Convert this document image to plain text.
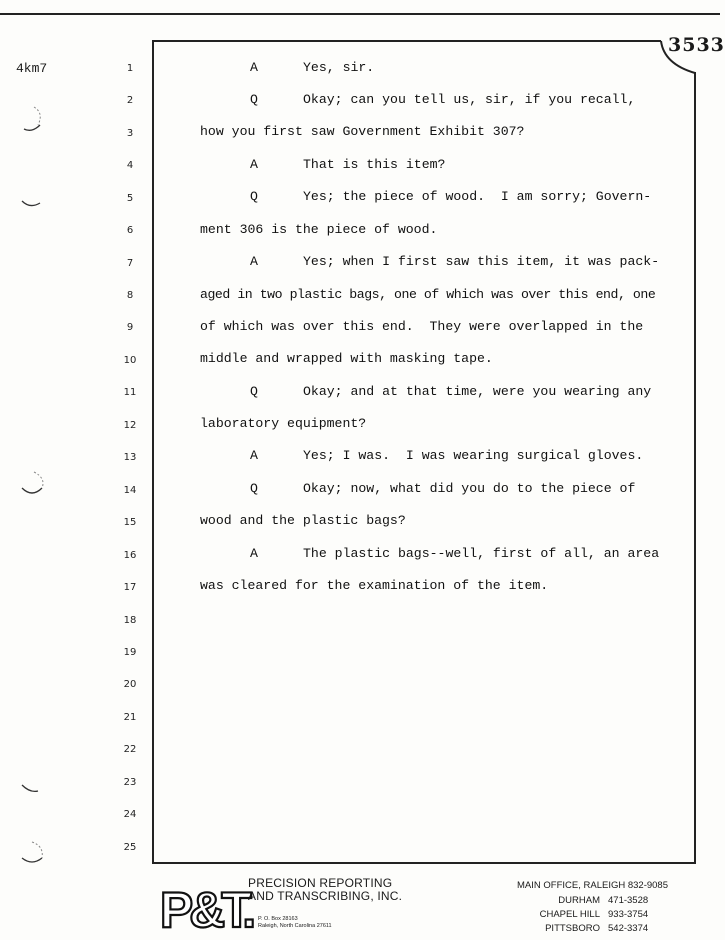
4km7
3533
1
2
3
4
5
6
7
8
9
10
11
12
13
14
15
16
17
18
19
20
21
22
23
24
25
A	Yes, sir.
Q	Okay; can you tell us, sir, if you recall,
how you first saw Government Exhibit 307?
A	That is this item?
Q	Yes; the piece of wood.  I am sorry; Govern-
ment 306 is the piece of wood.
A	Yes; when I first saw this item, it was pack-
aged in two plastic bags, one of which was over this end, one
of which was over this end.  They were overlapped in the
middle and wrapped with masking tape.
Q	Okay; and at that time, were you wearing any
laboratory equipment?
A	Yes; I was.  I was wearing surgical gloves.
Q	Okay; now, what did you do to the piece of
wood and the plastic bags?
A	The plastic bags--well, first of all, an area
was cleared for the examination of the item.
P&T.
PRECISION REPORTING
AND TRANSCRIBING, INC.
P. O. Box 28163
Raleigh, North Carolina 27611
MAIN OFFICE, RALEIGH 832-9085
DURHAM 471-3528
CHAPEL HILL 933-3754
PITTSBORO 542-3374
